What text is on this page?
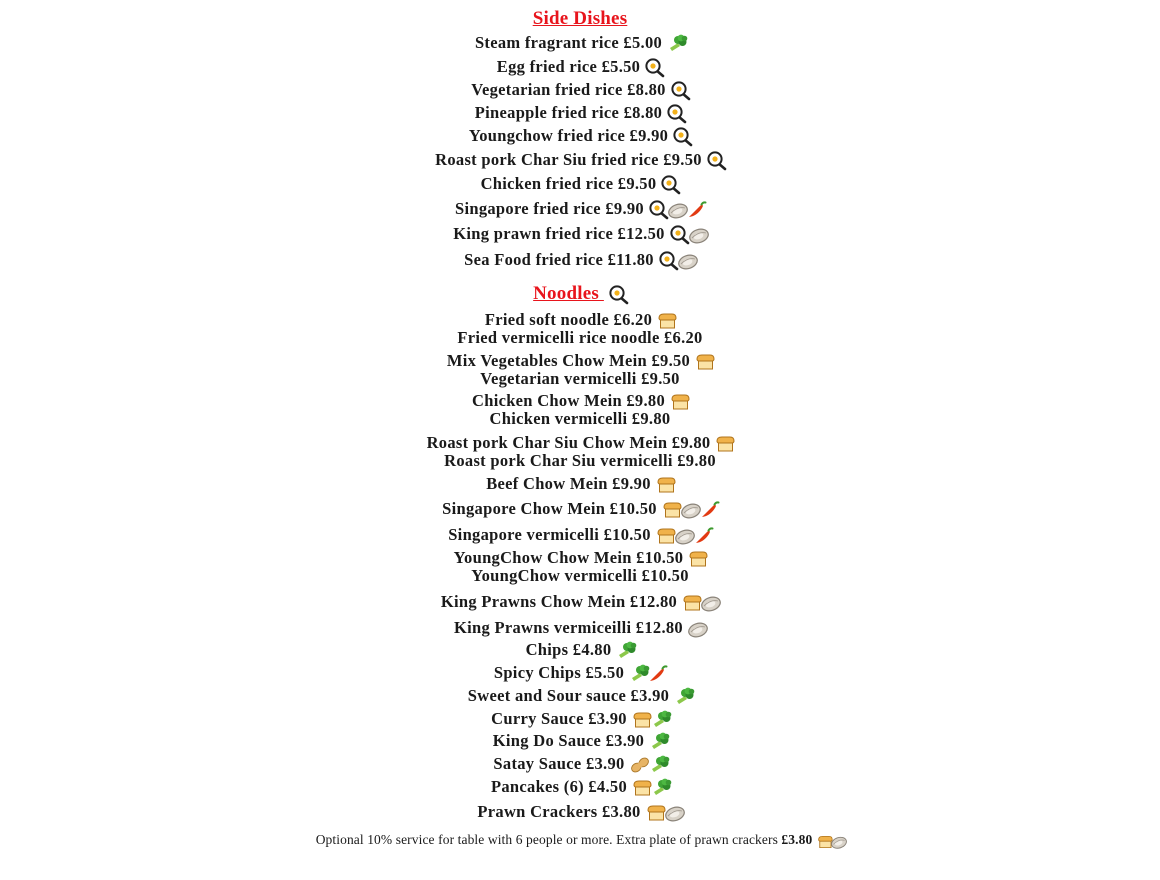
Side Dishes
Steam fragrant rice £5.00
Egg fried rice £5.50
Vegetarian fried rice £8.80
Pineapple fried rice £8.80
Youngchow fried rice £9.90
Roast pork Char Siu fried rice £9.50
Chicken fried rice £9.50
Singapore fried rice £9.90
King prawn fried rice £12.50
Sea Food fried rice £11.80
Noodles
Fried soft noodle £6.20
Fried vermicelli rice noodle £6.20
Mix Vegetables Chow Mein £9.50
Vegetarian vermicelli £9.50
Chicken Chow Mein £9.80
Chicken vermicelli £9.80
Roast pork Char Siu Chow Mein £9.80
Roast pork Char Siu vermicelli £9.80
Beef Chow Mein £9.90
Singapore Chow Mein £10.50
Singapore vermicelli £10.50
YoungChow Chow Mein £10.50
YoungChow vermicelli £10.50
King Prawns Chow Mein £12.80
King Prawns vermiceilli £12.80
Chips £4.80
Spicy Chips £5.50
Sweet and Sour sauce £3.90
Curry Sauce £3.90
King Do Sauce £3.90
Satay Sauce £3.90
Pancakes (6) £4.50
Prawn Crackers £3.80
Optional 10% service for table with 6 people or more. Extra plate of prawn crackers £3.80
